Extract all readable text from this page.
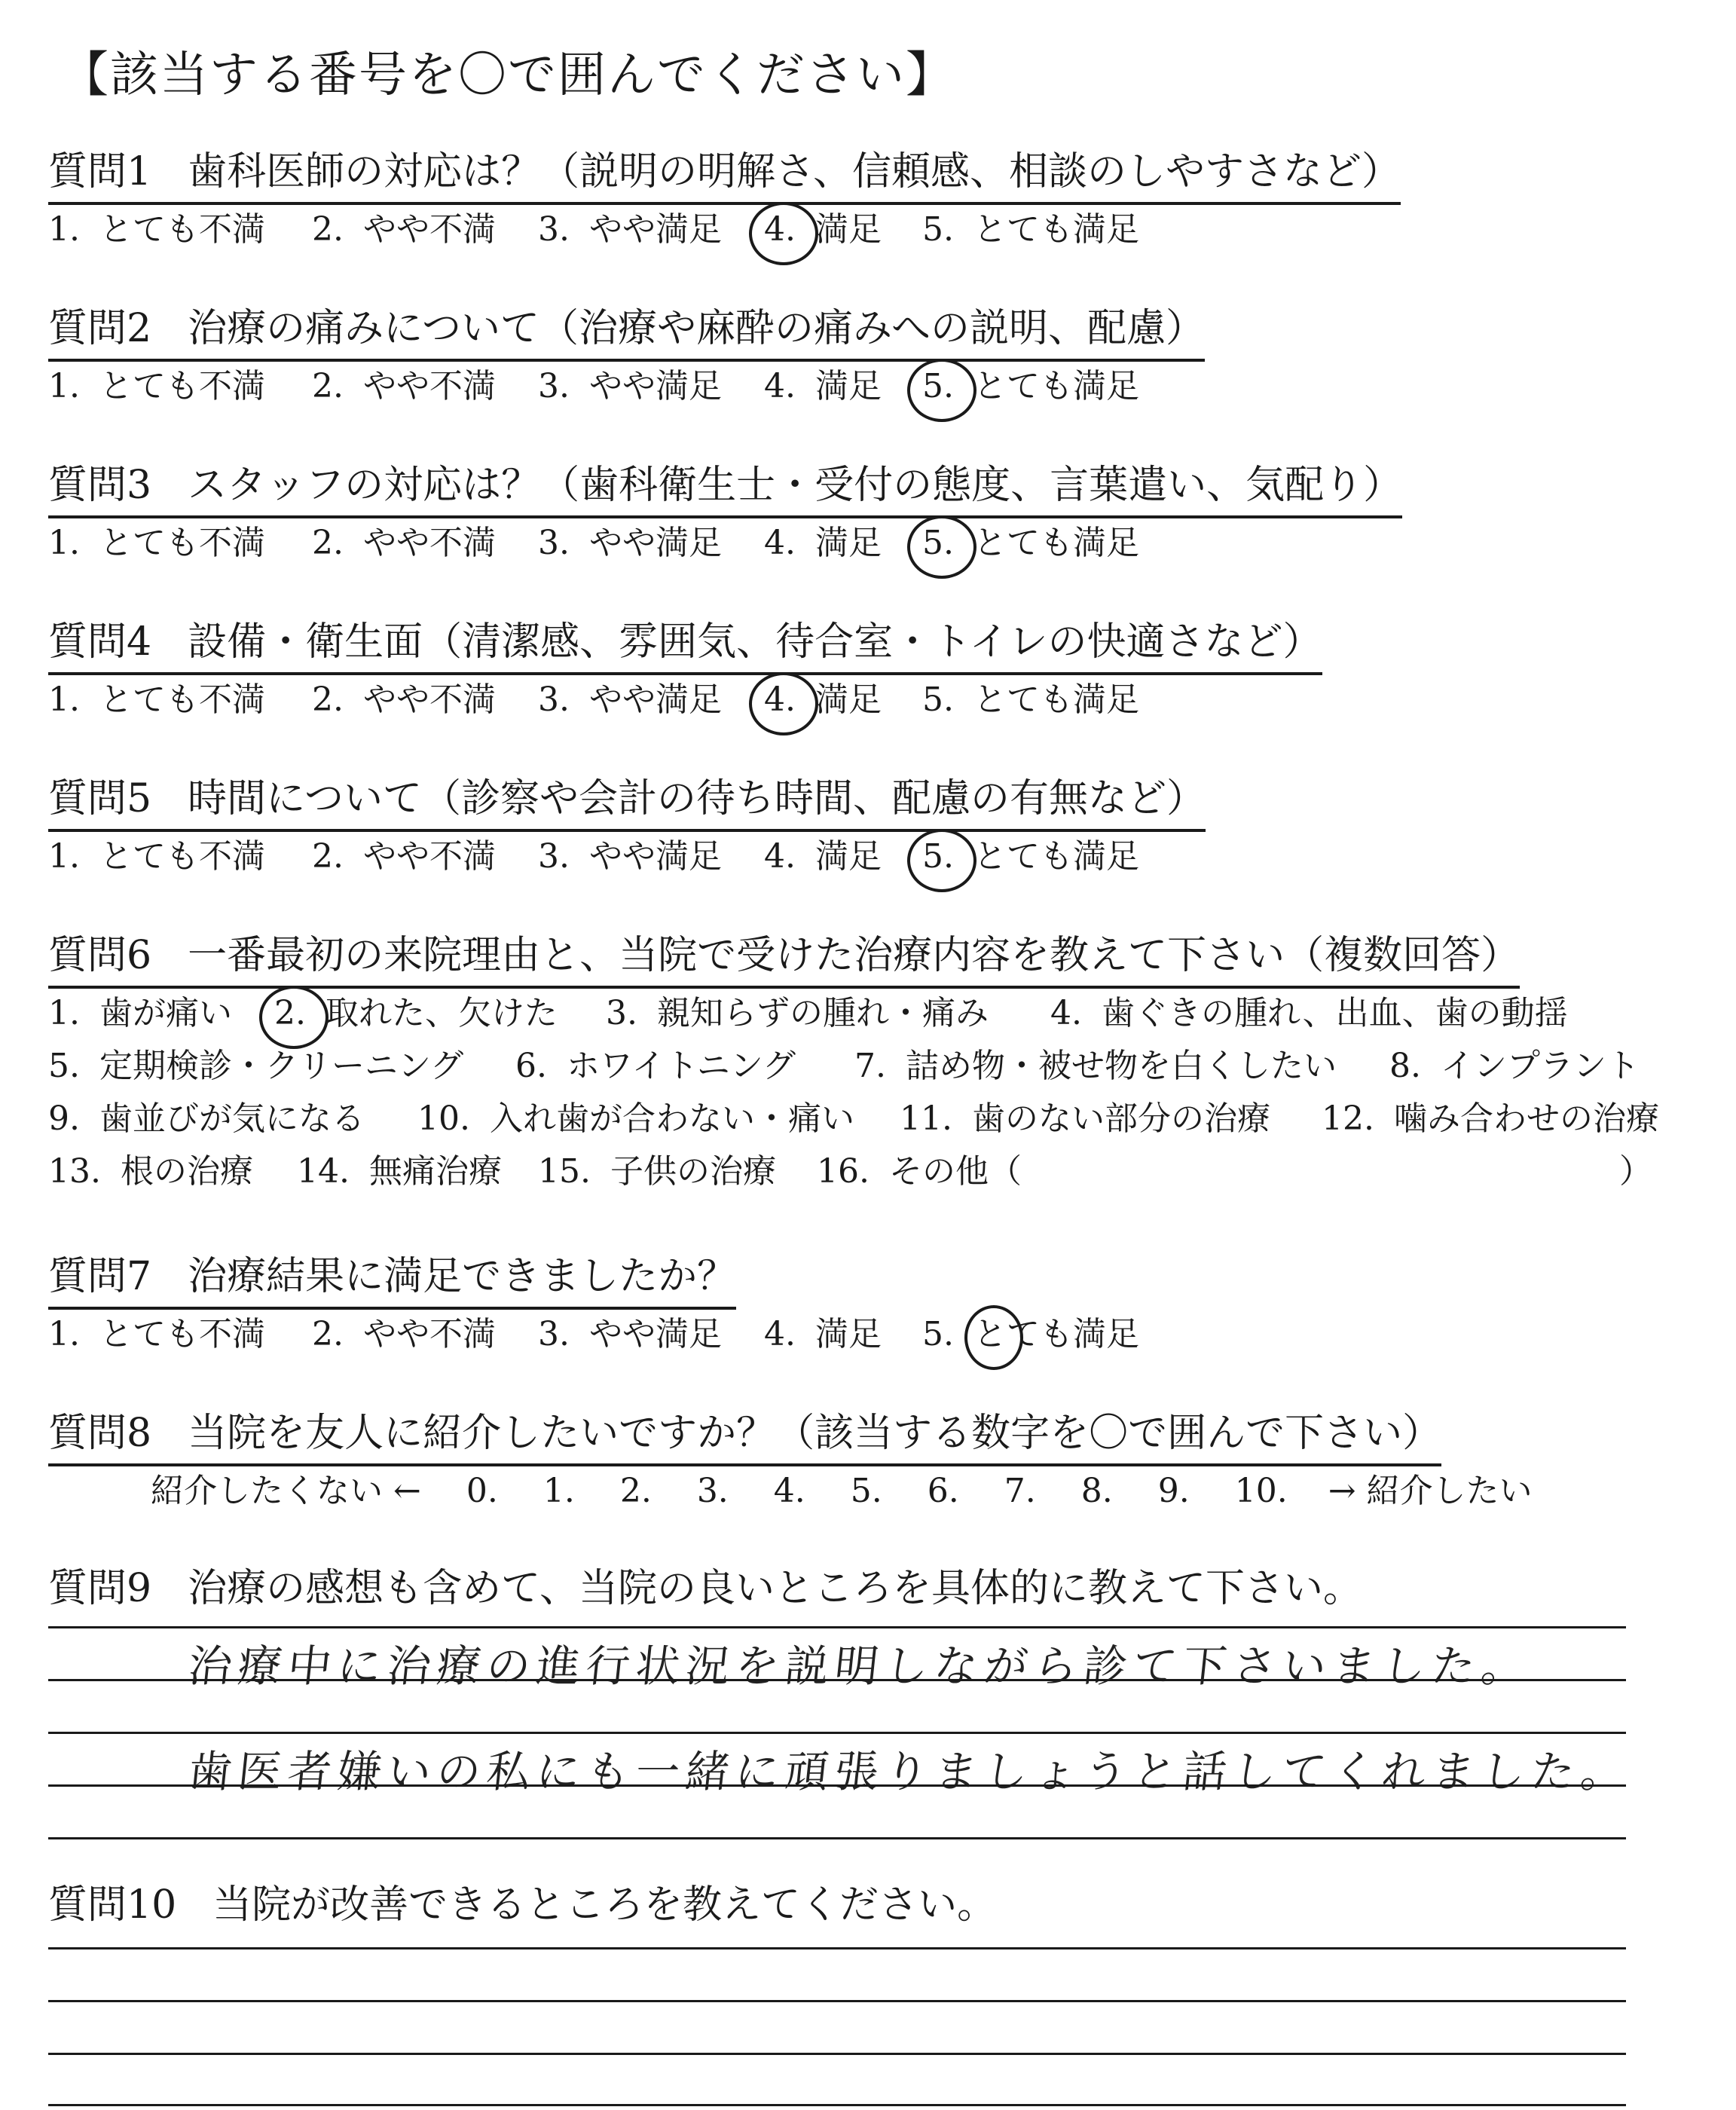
【該当する番号を〇で囲んでください】
質問1 歯科医師の対応は？（説明の明解さ、信頼感、相談のしやすさなど）
1. とても不満 2. やや不満 3. やや満足 4. 満足 5. とても満足
質問2 治療の痛みについて（治療や麻酔の痛みへの説明、配慮）
1. とても不満 2. やや不満 3. やや満足 4. 満足 5. とても満足
質問3 スタッフの対応は？（歯科衛生士・受付の態度、言葉遣い、気配り）
1. とても不満 2. やや不満 3. やや満足 4. 満足 5. とても満足
質問4 設備・衛生面（清潔感、雰囲気、待合室・トイレの快適さなど）
1. とても不満 2. やや不満 3. やや満足 4. 満足 5. とても満足
質問5 時間について（診察や会計の待ち時間、配慮の有無など）
1. とても不満 2. やや不満 3. やや満足 4. 満足 5. とても満足
質問6 一番最初の来院理由と、当院で受けた治療内容を教えて下さい（複数回答）
1. 歯が痛い 2. 取れた、欠けた 3. 親知らずの腫れ・痛み 4. 歯ぐきの腫れ、出血、歯の動揺
5. 定期検診・クリーニング 6. ホワイトニング 7. 詰め物・被せ物を白くしたい 8. インプラント
9. 歯並びが気になる 10. 入れ歯が合わない・痛い 11. 歯のない部分の治療 12. 噛み合わせの治療
13. 根の治療 14. 無痛治療 15. 子供の治療 16. その他（	）
質問7 治療結果に満足できましたか？
1. とても不満 2. やや不満 3. やや満足 4. 満足 5. とても満足
質問8 当院を友人に紹介したいですか？（該当する数字を〇で囲んで下さい）
紹介したくない ← 0. 1. 2. 3. 4. 5. 6. 7. 8. 9. 10. → 紹介したい
質問9 治療の感想も含めて、当院の良いところを具体的に教えて下さい。
治療中に治療の進行状況を説明しながら診て下さいました。
歯医者嫌いの私にも一緒に頑張りましょうと話してくれました。
質問10 当院が改善できるところを教えてください。
